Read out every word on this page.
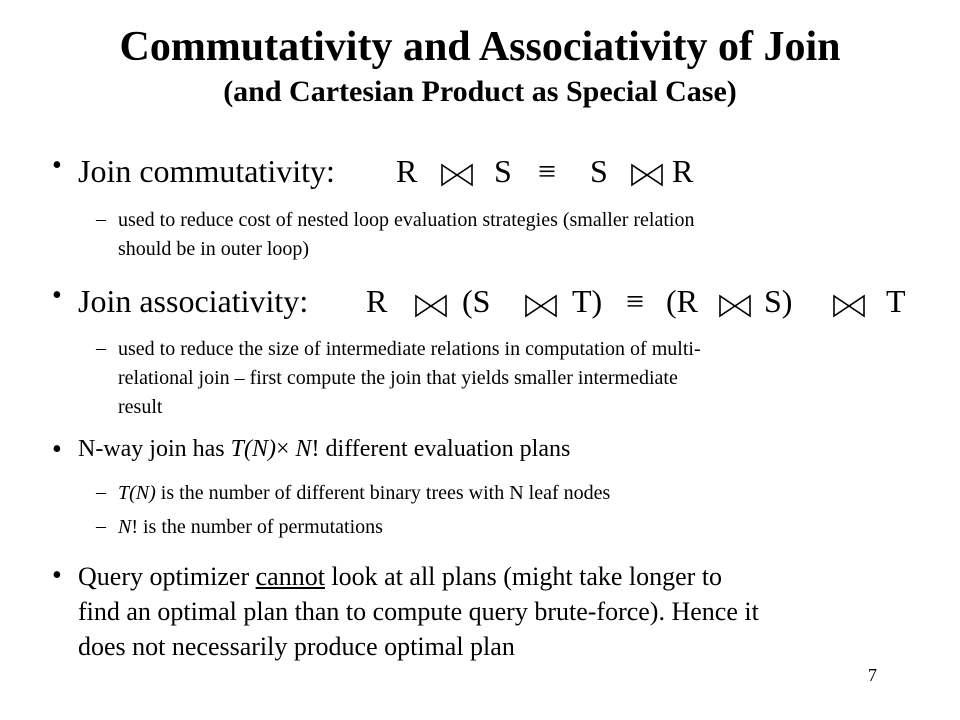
Commutativity and Associativity of Join
(and Cartesian Product as Special Case)
• Join commutativity: R S ≡ S R
– used to reduce cost of nested loop evaluation strategies (smaller relation
should be in outer loop)
• Join associativity: R (S	T) ≡ (R S)	T
– used to reduce the size of intermediate relations in computation of multi-
relational join – first compute the join that yields smaller intermediate
result
• N-way join has T(N)× N! different evaluation plans
– T(N) is the number of different binary trees with N leaf nodes
– N! is the number of permutations
• Query optimizer cannot look at all plans (might take longer to
find an optimal plan than to compute query brute-force). Hence it
does not necessarily produce optimal plan
7
